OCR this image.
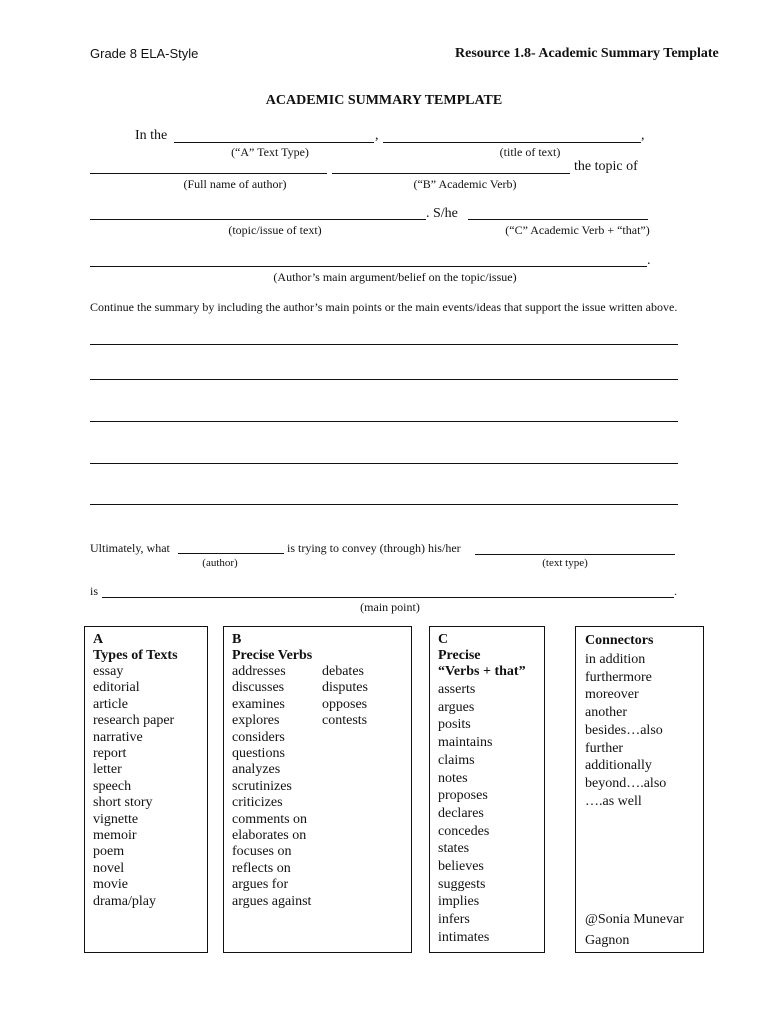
Grade 8 ELA-Style	Resource 1.8- Academic Summary Template
ACADEMIC SUMMARY TEMPLATE
In the	,	,
(“A” Text Type)	(title of text)
the topic of
(Full name of author)	(“B” Academic Verb)
. S/he
(topic/issue of text)	(“C” Academic Verb + “that”)
.
(Author’s main argument/belief on the topic/issue)
Continue the summary by including the author’s main points or the main events/ideas that support the issue written above.
Ultimately, what	is trying to convey (through) his/her
(author)	(text type)
is	.
(main point)
A
Types of Texts
essay
editorial
article
research paper
narrative
report
letter
speech
short story
vignette
memoir
poem
novel
movie
drama/play
B
Precise Verbs
addresses
discusses
examines
explores
considers
questions
analyzes
scrutinizes
criticizes
comments on
elaborates on
focuses on
reflects on
argues for
argues against
debates
disputes
opposes
contests
C
Precise
“Verbs + that”
asserts
argues
posits
maintains
claims
notes
proposes
declares
concedes
states
believes
suggests
implies
infers
intimates
Connectors
in addition
furthermore
moreover
another
besides…also
further
additionally
beyond….also
….as well
@Sonia Munevar
Gagnon
